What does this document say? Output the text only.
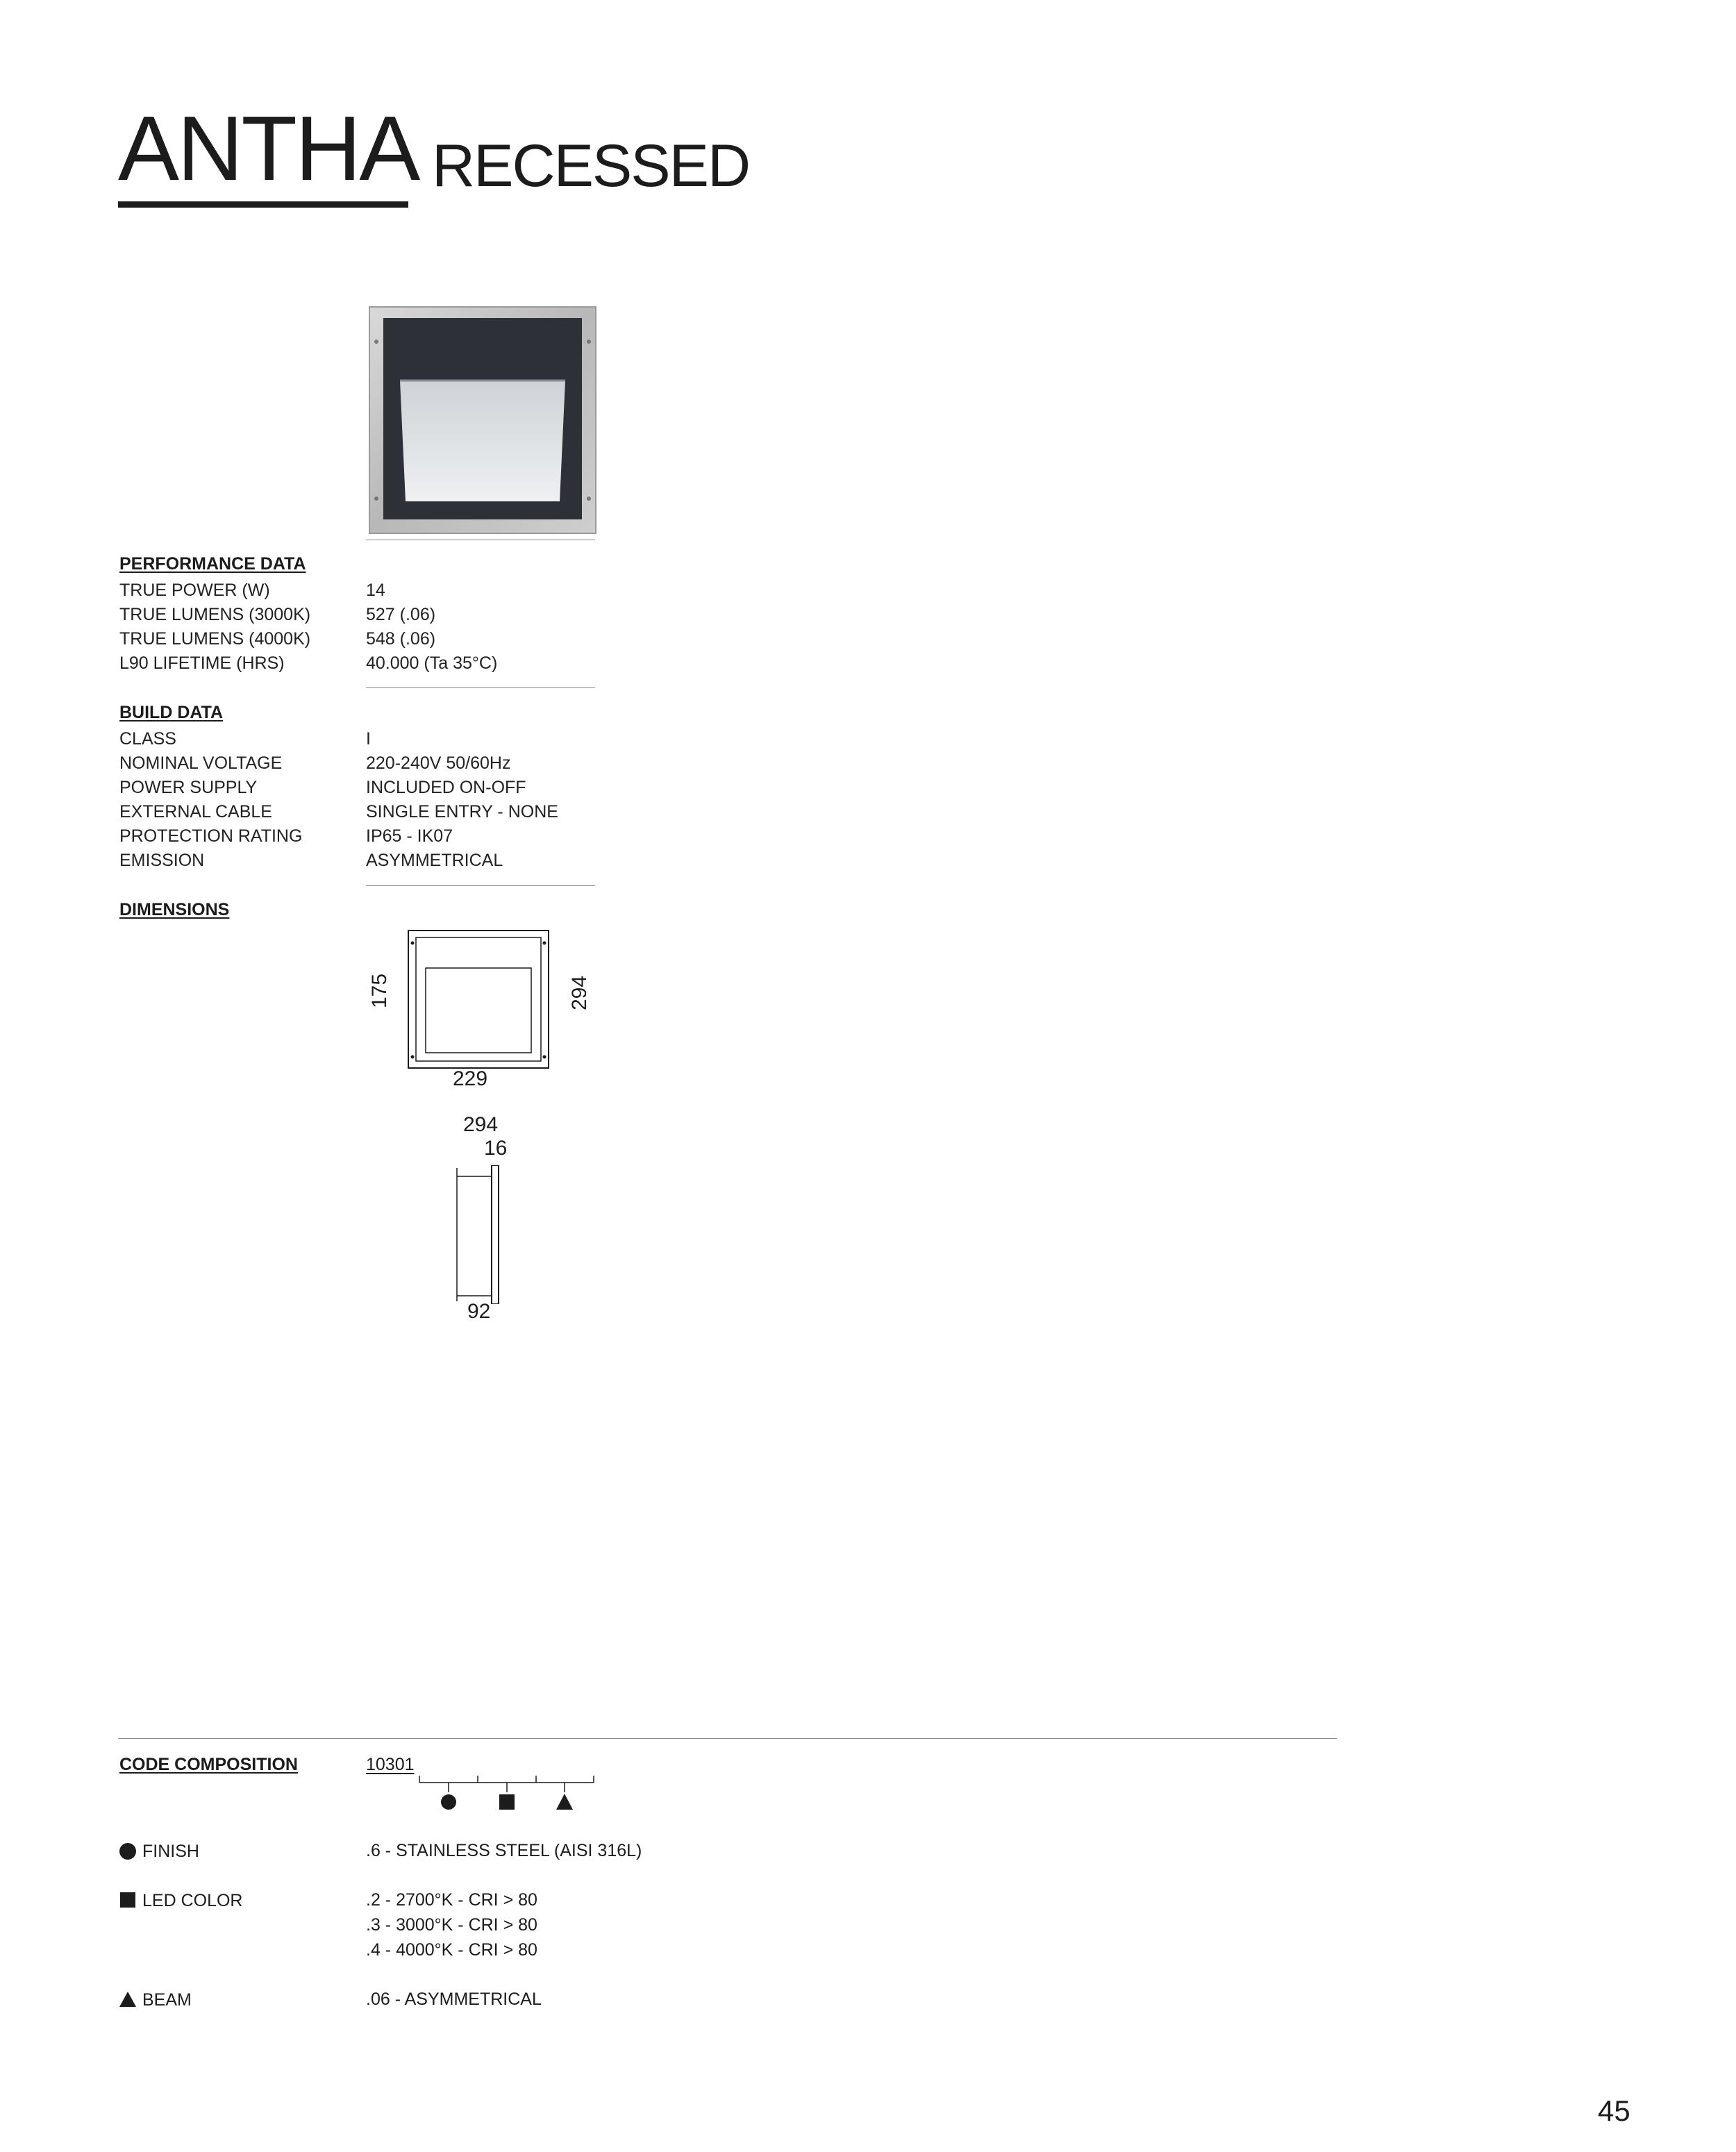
ANTHA RECESSED
PERFORMANCE DATA
TRUE POWER (W)	14
TRUE LUMENS (3000K)	527 (.06)
TRUE LUMENS (4000K)	548 (.06)
L90 LIFETIME (HRS)	40.000 (Ta 35°C)
BUILD DATA
CLASS	I
NOMINAL VOLTAGE	220-240V 50/60Hz
POWER SUPPLY	INCLUDED ON-OFF
EXTERNAL CABLE	SINGLE ENTRY - NONE
PROTECTION RATING	IP65 - IK07
EMISSION	ASYMMETRICAL
DIMENSIONS
175	294
229
294
16
92
CODE COMPOSITION	10301
FINISH	.6 - STAINLESS STEEL (AISI 316L)
LED COLOR	.2 - 2700°K - CRI > 80
.3 - 3000°K - CRI > 80
.4 - 4000°K - CRI > 80
BEAM	.06 - ASYMMETRICAL
45
